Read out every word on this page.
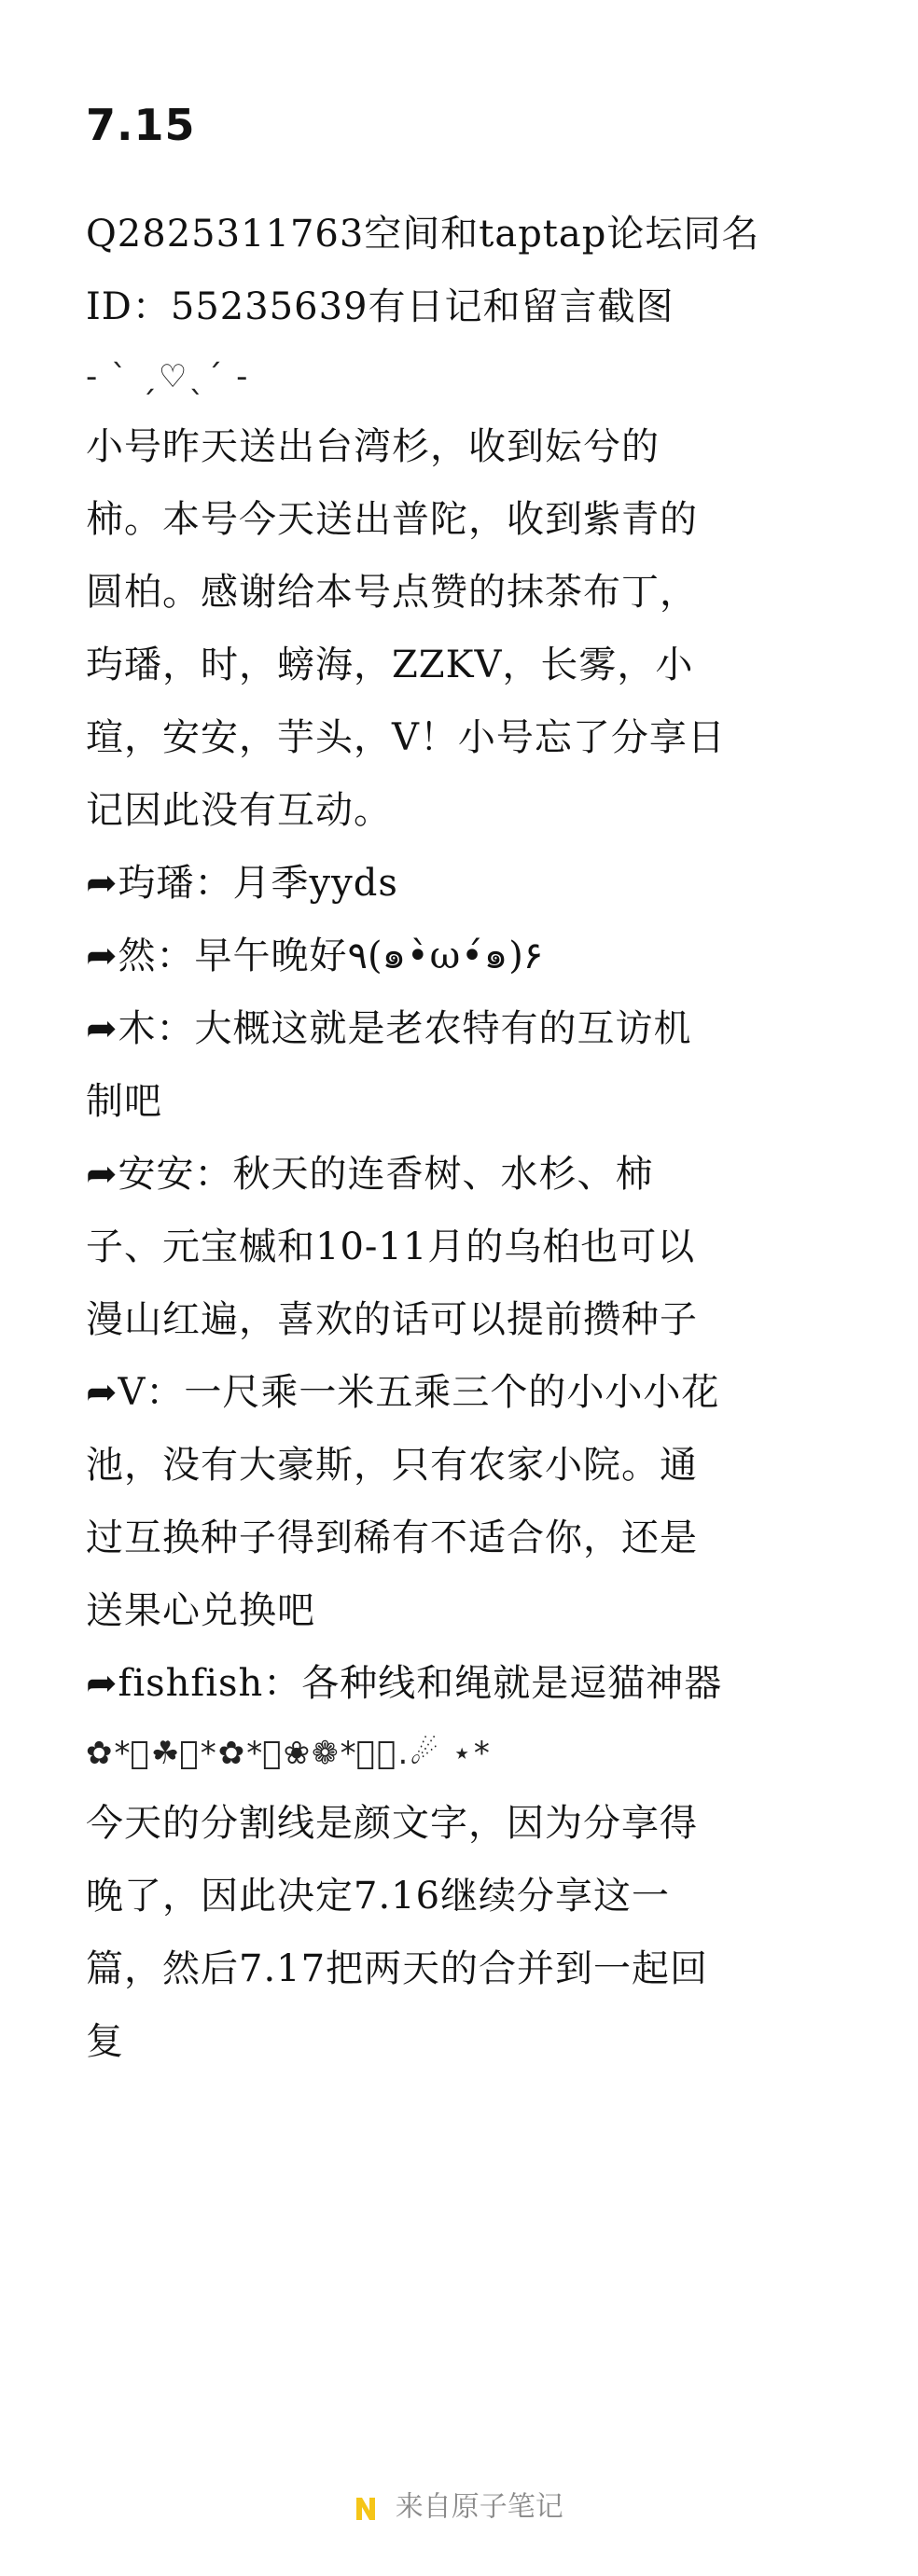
7.15
Q2825311763空间和taptap论坛同名
ID：55235639有日记和留言截图
- ˋ ˏ♡ˎˊ -
小号昨天送出台湾杉，收到妘兮的
柿。本号今天送出普陀，收到紫青的
圆柏。感谢给本号点赞的抹茶布丁，
玙璠，时，螃海，ZZKV，长雾，小
瑄，安安，芋头，V！小号忘了分享日
记因此没有互动。
➦玙璠：月季yyds
➦然：早午晚好٩(๑•̀ω•́๑)۶
➦木：大概这就是老农特有的互访机
制吧
➦安安：秋天的连香树、水杉、柿
子、元宝槭和10-11月的乌桕也可以
漫山红遍，喜欢的话可以提前攒种子
➦V：一尺乘一米五乘三个的小小小花
池，没有大豪斯，只有农家小院。通
过互换种子得到稀有不适合你，还是
送果心兑换吧
➦fishfish：各种线和绳就是逗猫神器
✿*ﾟ☘ﾟ*✿*ﾟ❀❁*ﾟ。.☄ ⋆*
今天的分割线是颜文字，因为分享得
晚了，因此决定7.16继续分享这一
篇，然后7.17把两天的合并到一起回
复
来自原子笔记
